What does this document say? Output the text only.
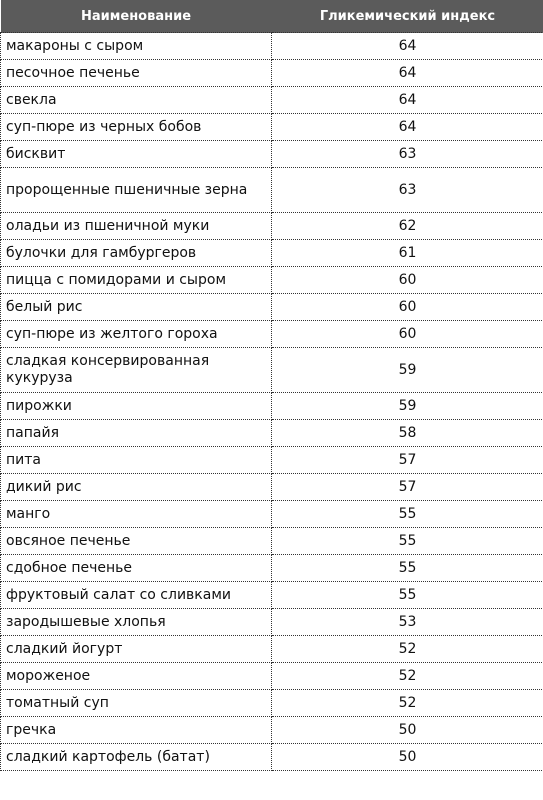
Наименование	Гликемический индекс
макароны с сыром	64
песочное печенье	64
свекла	64
суп-пюре из черных бобов	64
бисквит	63
пророщенные пшеничные зерна	63
оладьи из пшеничной муки	62
булочки для гамбургеров	61
пицца с помидорами и сыром	60
белый рис	60
суп-пюре из желтого гороха	60
сладкая консервированная кукуруза	59
пирожки	59
папайя	58
пита	57
дикий рис	57
манго	55
овсяное печенье	55
сдобное печенье	55
фруктовый салат со сливками	55
зародышевые хлопья	53
сладкий йогурт	52
мороженое	52
томатный суп	52
гречка	50
сладкий картофель (батат)	50
